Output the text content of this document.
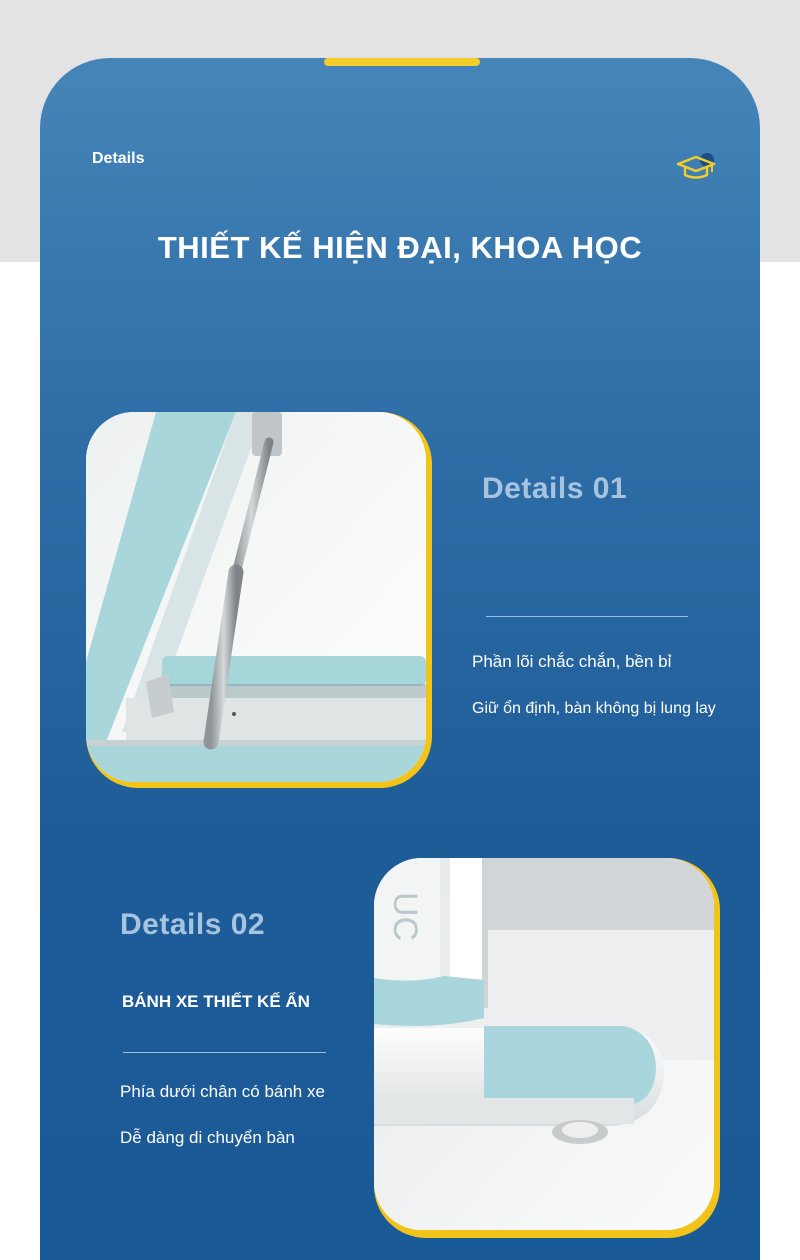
Details
THIẾT KẾ HIỆN ĐẠI, KHOA HỌC
Details 01
Phần lõi chắc chắn, bền bỉ
Giữ ổn định, bàn không bị lung lay
UC
Details 02
BÁNH XE THIẾT KẾ ẨN
Phía dưới chân có bánh xe
Dễ dàng di chuyển bàn
